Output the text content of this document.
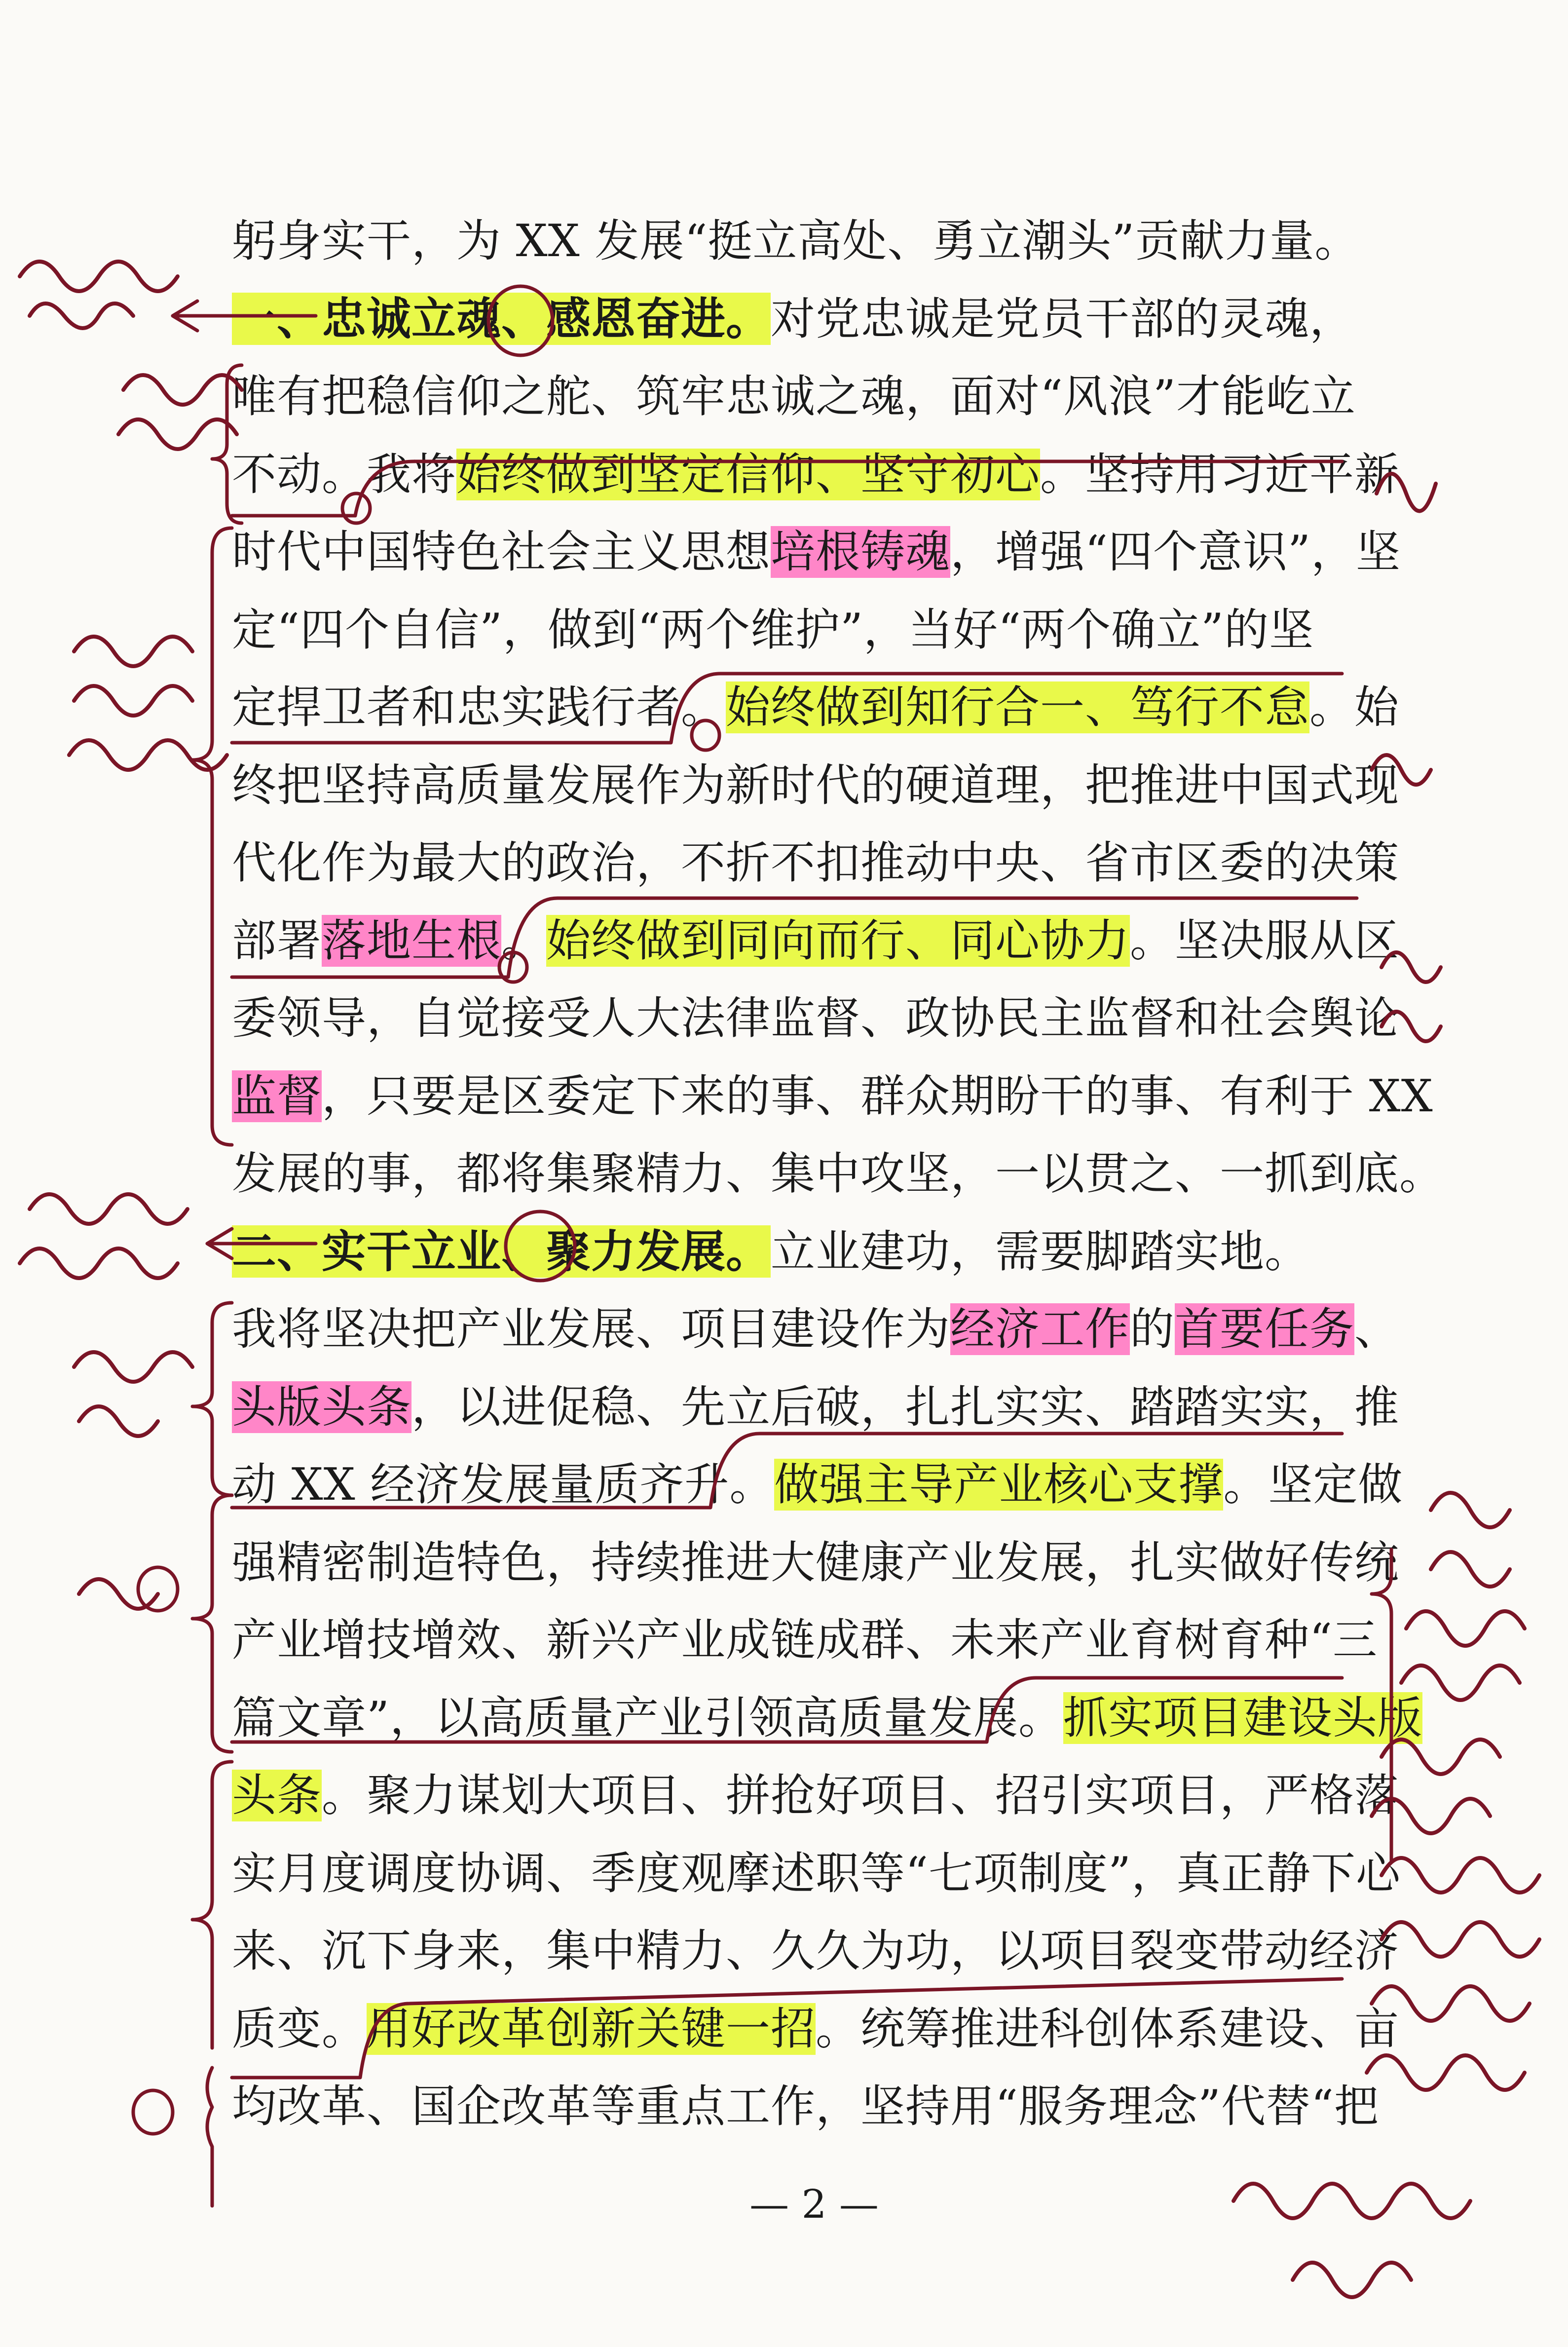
躬身实干，为 XX 发展“挺立高处、勇立潮头”贡献力量。
一、忠诚立魂、感恩奋进。对党忠诚是党员干部的灵魂，
唯有把稳信仰之舵、筑牢忠诚之魂，面对“风浪”才能屹立
不动。我将始终做到坚定信仰、坚守初心。坚持用习近平新
时代中国特色社会主义思想培根铸魂，增强“四个意识”，坚
定“四个自信”，做到“两个维护”，当好“两个确立”的坚
定捍卫者和忠实践行者。始终做到知行合一、笃行不怠。始
终把坚持高质量发展作为新时代的硬道理，把推进中国式现
代化作为最大的政治，不折不扣推动中央、省市区委的决策
部署落地生根。始终做到同向而行、同心协力。坚决服从区
委领导，自觉接受人大法律监督、政协民主监督和社会舆论
监督，只要是区委定下来的事、群众期盼干的事、有利于 XX
发展的事，都将集聚精力、集中攻坚，一以贯之、一抓到底。
二、实干立业、聚力发展。立业建功，需要脚踏实地。
我将坚决把产业发展、项目建设作为经济工作的首要任务、
头版头条，以进促稳、先立后破，扎扎实实、踏踏实实，推
动 XX 经济发展量质齐升。做强主导产业核心支撑。坚定做
强精密制造特色，持续推进大健康产业发展，扎实做好传统
产业增技增效、新兴产业成链成群、未来产业育树育种“三
篇文章”，以高质量产业引领高质量发展。抓实项目建设头版
头条。聚力谋划大项目、拼抢好项目、招引实项目，严格落
实月度调度协调、季度观摩述职等“七项制度”，真正静下心
来、沉下身来，集中精力、久久为功，以项目裂变带动经济
质变。用好改革创新关键一招。统筹推进科创体系建设、亩
均改革、国企改革等重点工作，坚持用“服务理念”代替“把
— 2 —
